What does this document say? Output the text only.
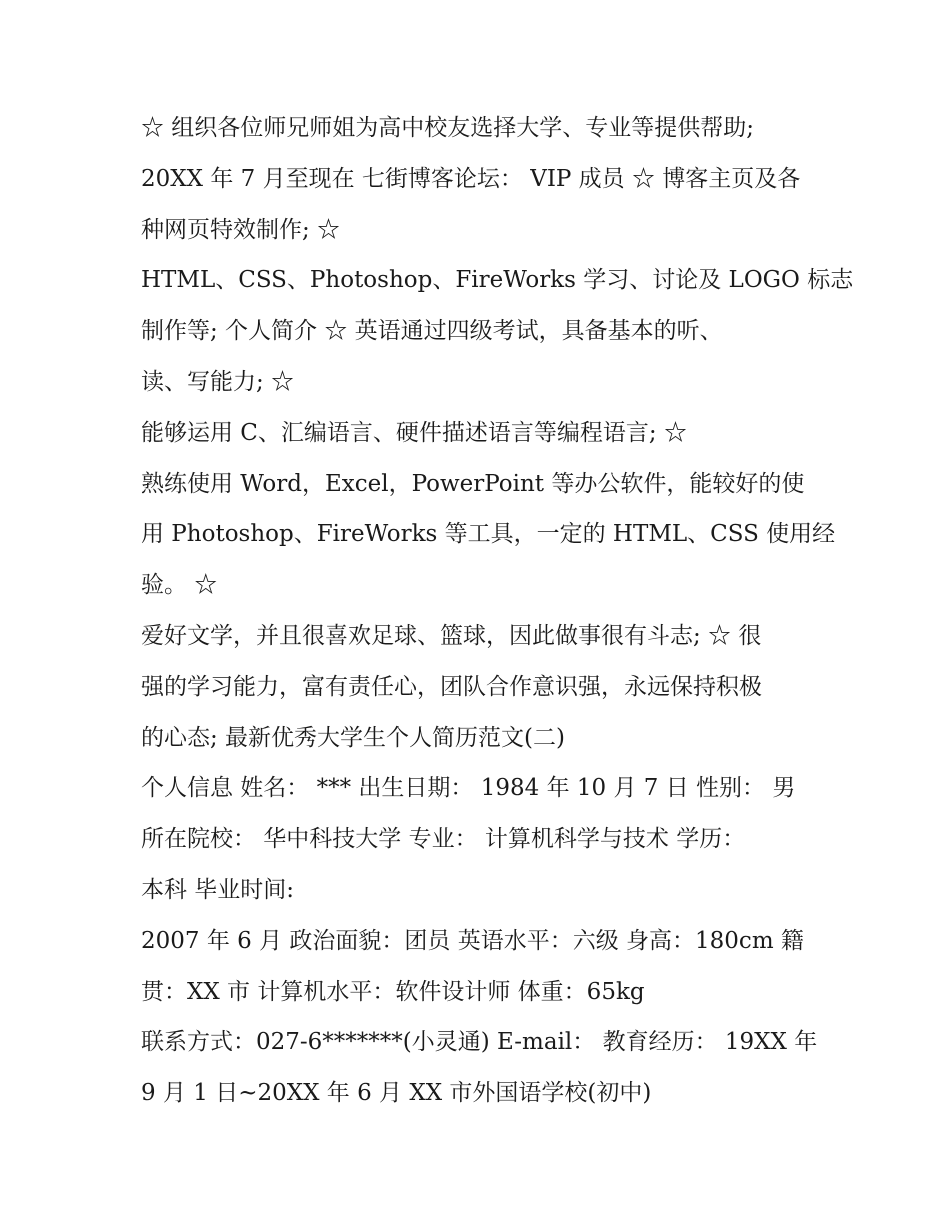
☆ 组织各位师兄师姐为高中校友选择大学、专业等提供帮助;
20XX 年 7 月至现在 七街博客论坛： VIP 成员 ☆ 博客主页及各
种网页特效制作; ☆
HTML、CSS、Photoshop、FireWorks 学习、讨论及 LOGO 标志
制作等; 个人简介 ☆ 英语通过四级考试，具备基本的听、
读、写能力; ☆
能够运用 C、汇编语言、硬件描述语言等编程语言; ☆
熟练使用 Word，Excel，PowerPoint 等办公软件，能较好的使
用 Photoshop、FireWorks 等工具，一定的 HTML、CSS 使用经
验。 ☆
爱好文学，并且很喜欢足球、篮球，因此做事很有斗志; ☆ 很
强的学习能力，富有责任心，团队合作意识强，永远保持积极
的心态; 最新优秀大学生个人简历范文(二)
个人信息 姓名： *** 出生日期： 1984 年 10 月 7 日 性别： 男
所在院校： 华中科技大学 专业： 计算机科学与技术 学历：
本科 毕业时间:
2007 年 6 月 政治面貌：团员 英语水平：六级 身高：180cm 籍
贯：XX 市 计算机水平：软件设计师 体重：65kg
联系方式：027-6*******(小灵通) E-mail： 教育经历： 19XX 年
9 月 1 日~20XX 年 6 月 XX 市外国语学校(初中)
